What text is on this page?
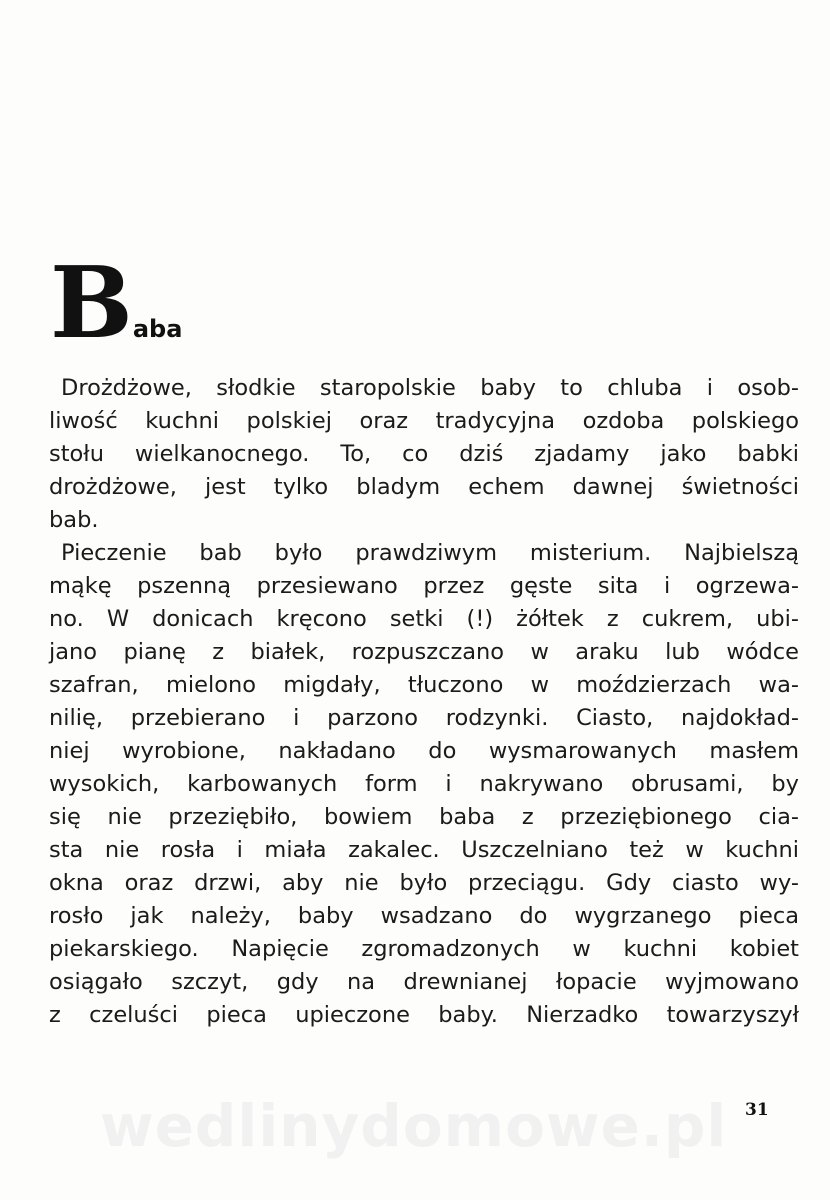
Baba
Drożdżowe, słodkie staropolskie baby to chluba i osob-
liwość kuchni polskiej oraz tradycyjna ozdoba polskiego
stołu wielkanocnego. To, co dziś zjadamy jako babki
drożdżowe, jest tylko bladym echem dawnej świetności
bab.
Pieczenie bab było prawdziwym misterium. Najbielszą
mąkę pszenną przesiewano przez gęste sita i ogrzewa-
no. W donicach kręcono setki (!) żółtek z cukrem, ubi-
jano pianę z białek, rozpuszczano w araku lub wódce
szafran, mielono migdały, tłuczono w moździerzach wa-
nilię, przebierano i parzono rodzynki. Ciasto, najdokład-
niej wyrobione, nakładano do wysmarowanych masłem
wysokich, karbowanych form i nakrywano obrusami, by
się nie przeziębiło, bowiem baba z przeziębionego cia-
sta nie rosła i miała zakalec. Uszczelniano też w kuchni
okna oraz drzwi, aby nie było przeciągu. Gdy ciasto wy-
rosło jak należy, baby wsadzano do wygrzanego pieca
piekarskiego. Napięcie zgromadzonych w kuchni kobiet
osiągało szczyt, gdy na drewnianej łopacie wyjmowano
z czeluści pieca upieczone baby. Nierzadko towarzyszył
wedlinydomowe.pl 31
